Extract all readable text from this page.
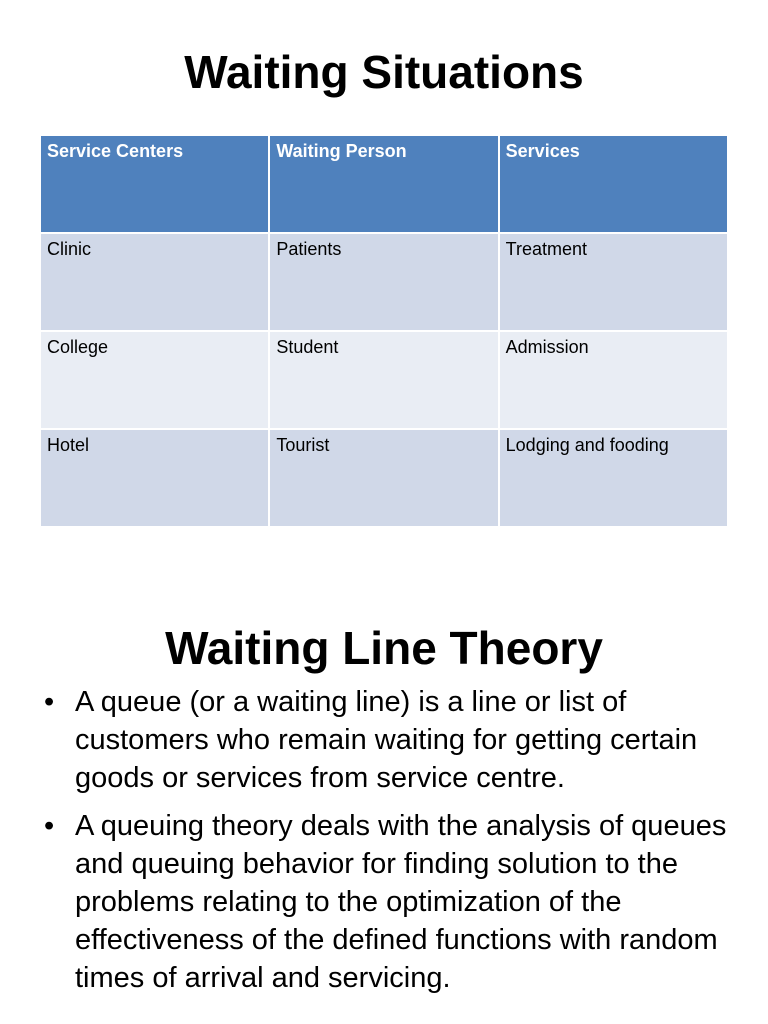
Waiting Situations
Service Centers	Waiting Person	Services
Clinic	Patients	Treatment
College	Student	Admission
Hotel	Tourist	Lodging and fooding
Waiting Line Theory
• A queue (or a waiting line) is a line or list of customers who remain waiting for getting certain goods or services from service centre.
• A queuing theory deals with the analysis of queues and queuing behavior for finding solution to the problems relating to the optimization of the effectiveness of the defined functions with random times of arrival and servicing.
